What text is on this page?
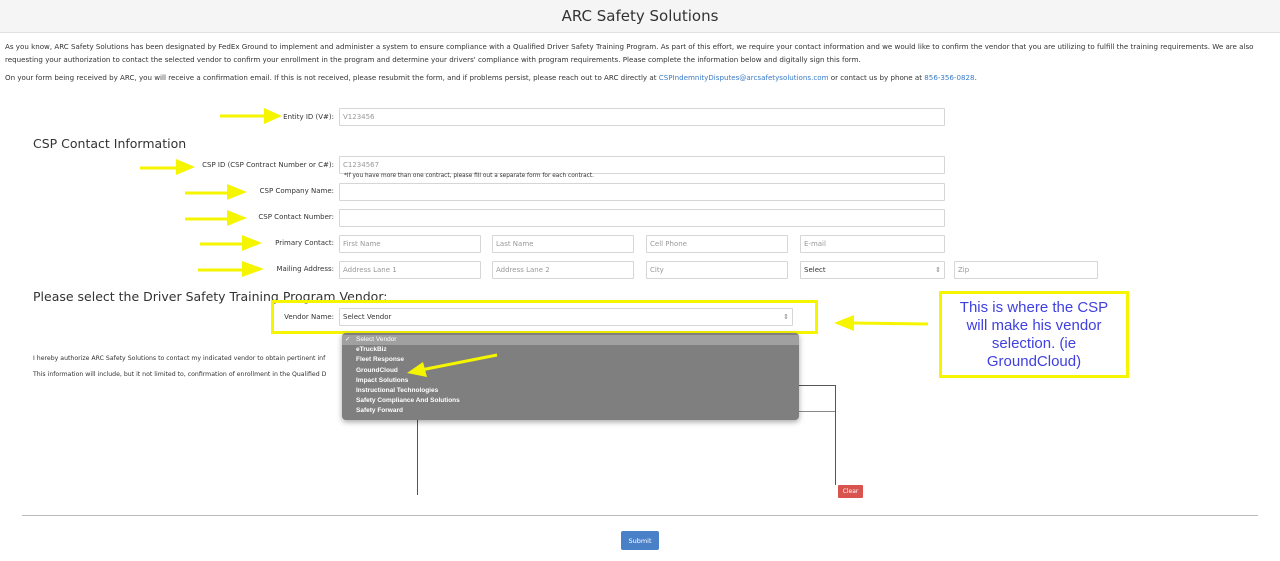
ARC Safety Solutions

As you know, ARC Safety Solutions has been designated by FedEx Ground to implement and administer a system to ensure compliance with a Qualified Driver Safety Training Program. As part of this effort, we require your contact information and we would like to confirm the vendor that you are utilizing to fulfill the training requirements. We are also requesting your authorization to contact the selected vendor to confirm your enrollment in the program and determine your drivers' compliance with program requirements. Please complete the information below and digitally sign this form.

On your form being received by ARC, you will receive a confirmation email. If this is not received, please resubmit the form, and if problems persist, please reach out to ARC directly at CSPIndemnityDisputes@arcsafetysolutions.com or contact us by phone at 856-356-0828.

Entity ID (V#): V123456
CSP Contact Information
CSP ID (CSP Contract Number or C#): C1234567
*If you have more than one contract, please fill out a separate form for each contract.
CSP Company Name:
CSP Contact Number:
Primary Contact: First Name	Last Name	Cell Phone	E-mail
Mailing Address: Address Lane 1	Address Lane 2	City	Select	⇕ Zip
Please select the Driver Safety Training Program Vendor:
Vendor Name: Select Vendor	⇕
This is where the CSP will make his vendor selection. (ie GroundCloud)
I hereby authorize ARC Safety Solutions to contact my indicated vendor to obtain pertinent inf
This information will include, but it not limited to, confirmation of enrollment in the Qualified D
Clear
✓ Select Vendor
eTruckBiz
Fleet Response
GroundCloud
Impact Solutions
Instructional Technologies
Safety Compliance And Solutions
Safety Forward
Submit
